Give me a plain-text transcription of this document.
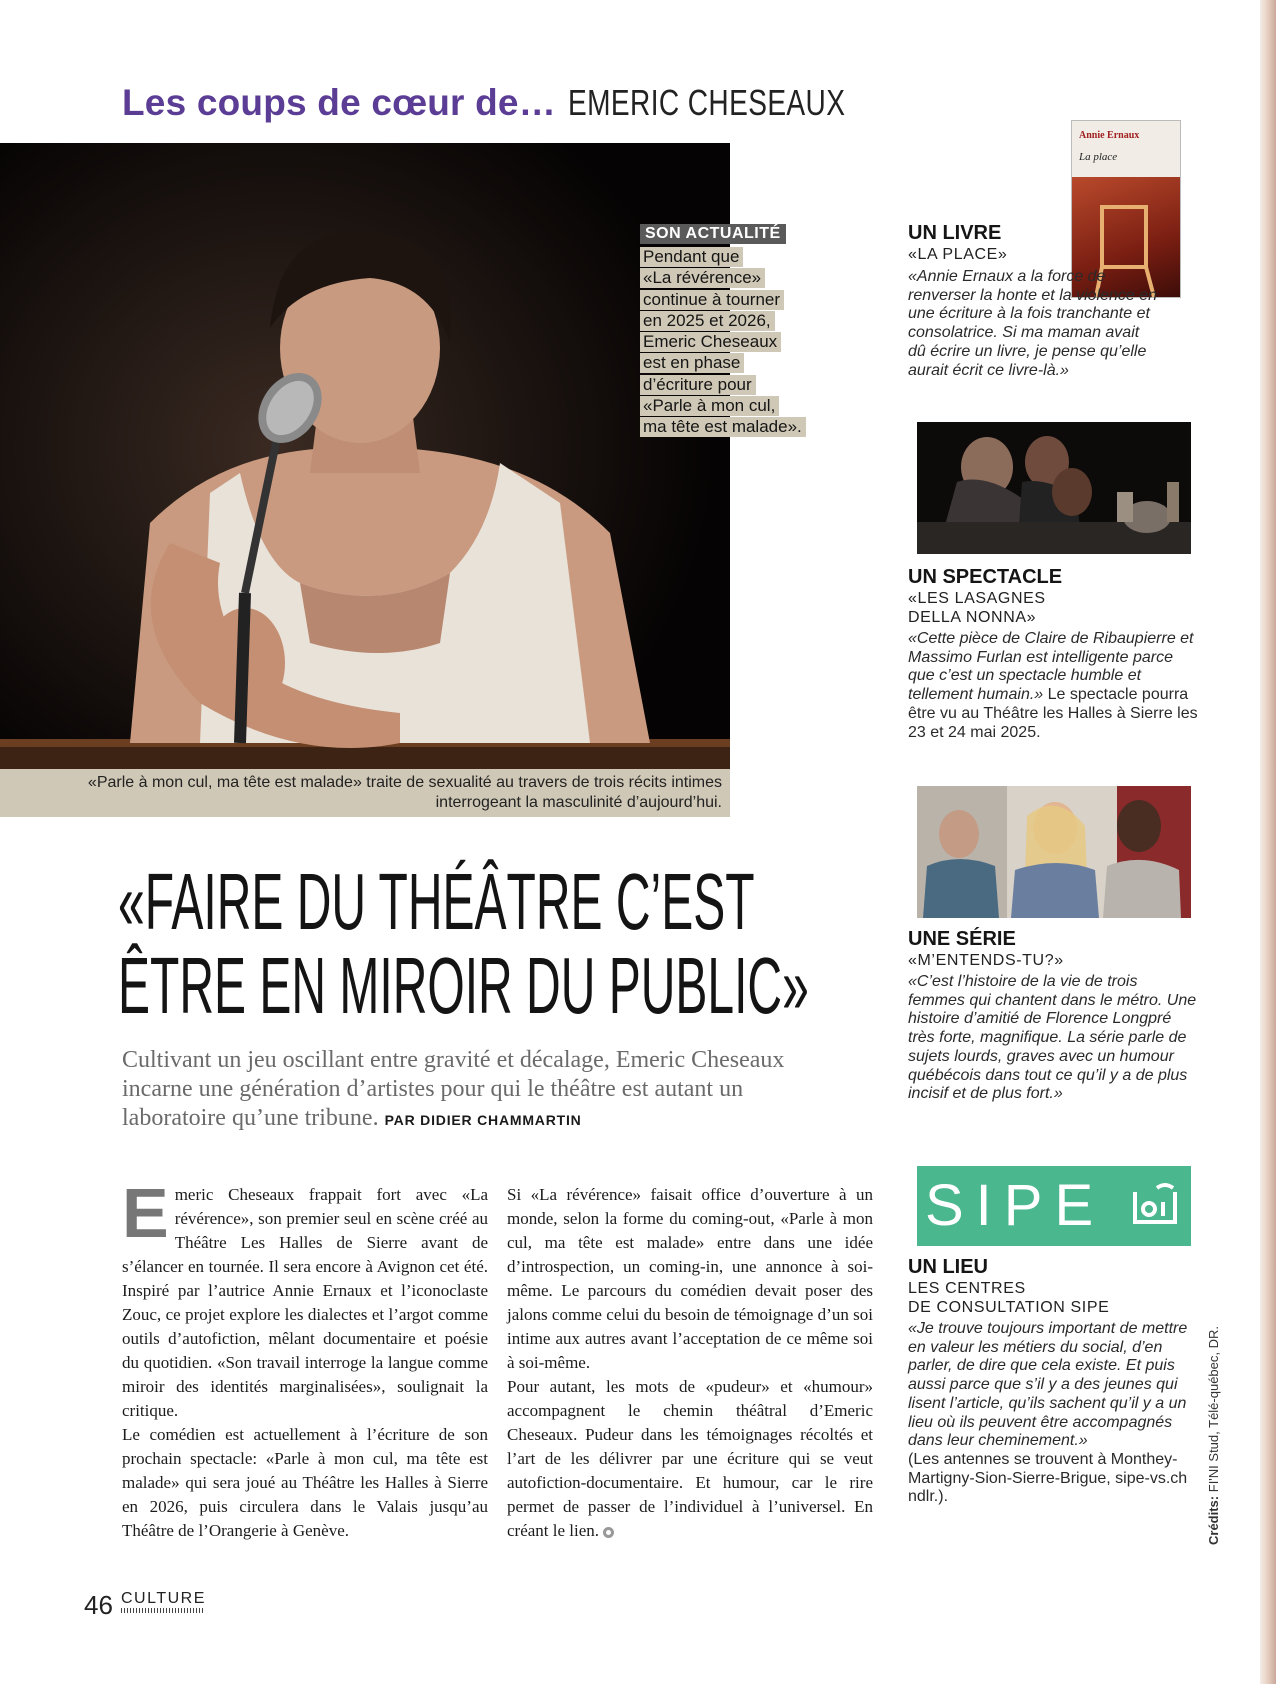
Les coups de cœur de… EMERIC CHESEAUX
«Parle à mon cul, ma tête est malade» traite de sexualité au travers de trois récits intimes interrogeant la masculinité d’aujourd’hui.
SON ACTUALITÉ
Pendant que
«La révérence»
continue à tourner
en 2025 et 2026,
Emeric Cheseaux
est en phase
d’écriture pour
«Parle à mon cul,
ma tête est malade».
«FAIRE DU THÉÂTRE C’EST
ÊTRE EN MIROIR DU PUBLIC»
Cultivant un jeu oscillant entre gravité et décalage, Emeric Cheseaux incarne une génération d’artistes pour qui le théâtre est autant un laboratoire qu’une tribune. PAR DIDIER CHAMMARTIN
E meric Cheseaux frappait fort avec «La révérence», son premier seul en scène créé au Théâtre Les Halles de Sierre avant de s’élancer en tournée. Il sera encore à Avignon cet été. Inspiré par l’autrice Annie Ernaux et l’iconoclaste Zouc, ce projet explore les dialectes et l’argot comme outils d’autofiction, mêlant documentaire et poésie du quotidien. «Son travail interroge la langue comme miroir des identités marginalisées», soulignait la critique.

Le comédien est actuellement à l’écriture de son prochain spectacle: «Parle à mon cul, ma tête est malade» qui sera joué au Théâtre les Halles à Sierre en 2026, puis circulera dans le Valais jusqu’au Théâtre de l’Orangerie à Genève.

Si «La révérence» faisait office d’ouverture à un monde, selon la forme du coming-out, «Parle à mon cul, ma tête est malade» entre dans une idée d’introspection, un coming-in, une annonce à soi-même. Le parcours du comédien devait poser des jalons comme celui du besoin de témoignage d’un soi intime aux autres avant l’acceptation de ce même soi à soi-même.

Pour autant, les mots de «pudeur» et «humour» accompagnent le chemin théâtral d’Emeric Cheseaux. Pudeur dans les témoignages récoltés et l’art de les délivrer par une écriture qui se veut autofiction-documentaire. Et humour, car le rire permet de passer de l’individuel à l’universel. En créant le lien.

46 CULTURE
Annie Ernaux
La place
UN LIVRE
«LA PLACE»
«Annie Ernaux a la force de renverser la honte et la violence en une écriture à la fois tranchante et consolatrice. Si ma maman avait dû écrire un livre, je pense qu’elle aurait écrit ce livre-là.»
UN SPECTACLE
«LES LASAGNES
DELLA NONNA»
«Cette pièce de Claire de Ribaupierre et Massimo Furlan est intelligente parce que c’est un spectacle humble et tellement humain.» Le spectacle pourra être vu au Théâtre les Halles à Sierre les 23 et 24 mai 2025.
UNE SÉRIE
«M’ENTENDS-TU?»
«C’est l’histoire de la vie de trois femmes qui chantent dans le métro. Une histoire d’amitié de Florence Longpré très forte, magnifique. La série parle de sujets lourds, graves avec un humour québécois dans tout ce qu’il y a de plus incisif et de plus fort.»
SIPE
UN LIEU
LES CENTRES
DE CONSULTATION SIPE
«Je trouve toujours important de mettre en valeur les métiers du social, d’en parler, de dire que cela existe. Et puis aussi parce que s’il y a des jeunes qui lisent l’article, qu’ils sachent qu’il y a un lieu où ils peuvent être accompagnés dans leur cheminement.»
(Les antennes se trouvent à Monthey-Martigny-Sion-Sierre-Brigue, sipe-vs.ch ndlr.).	Crédits: FI'NI Stud, Télé-québec, DR.
